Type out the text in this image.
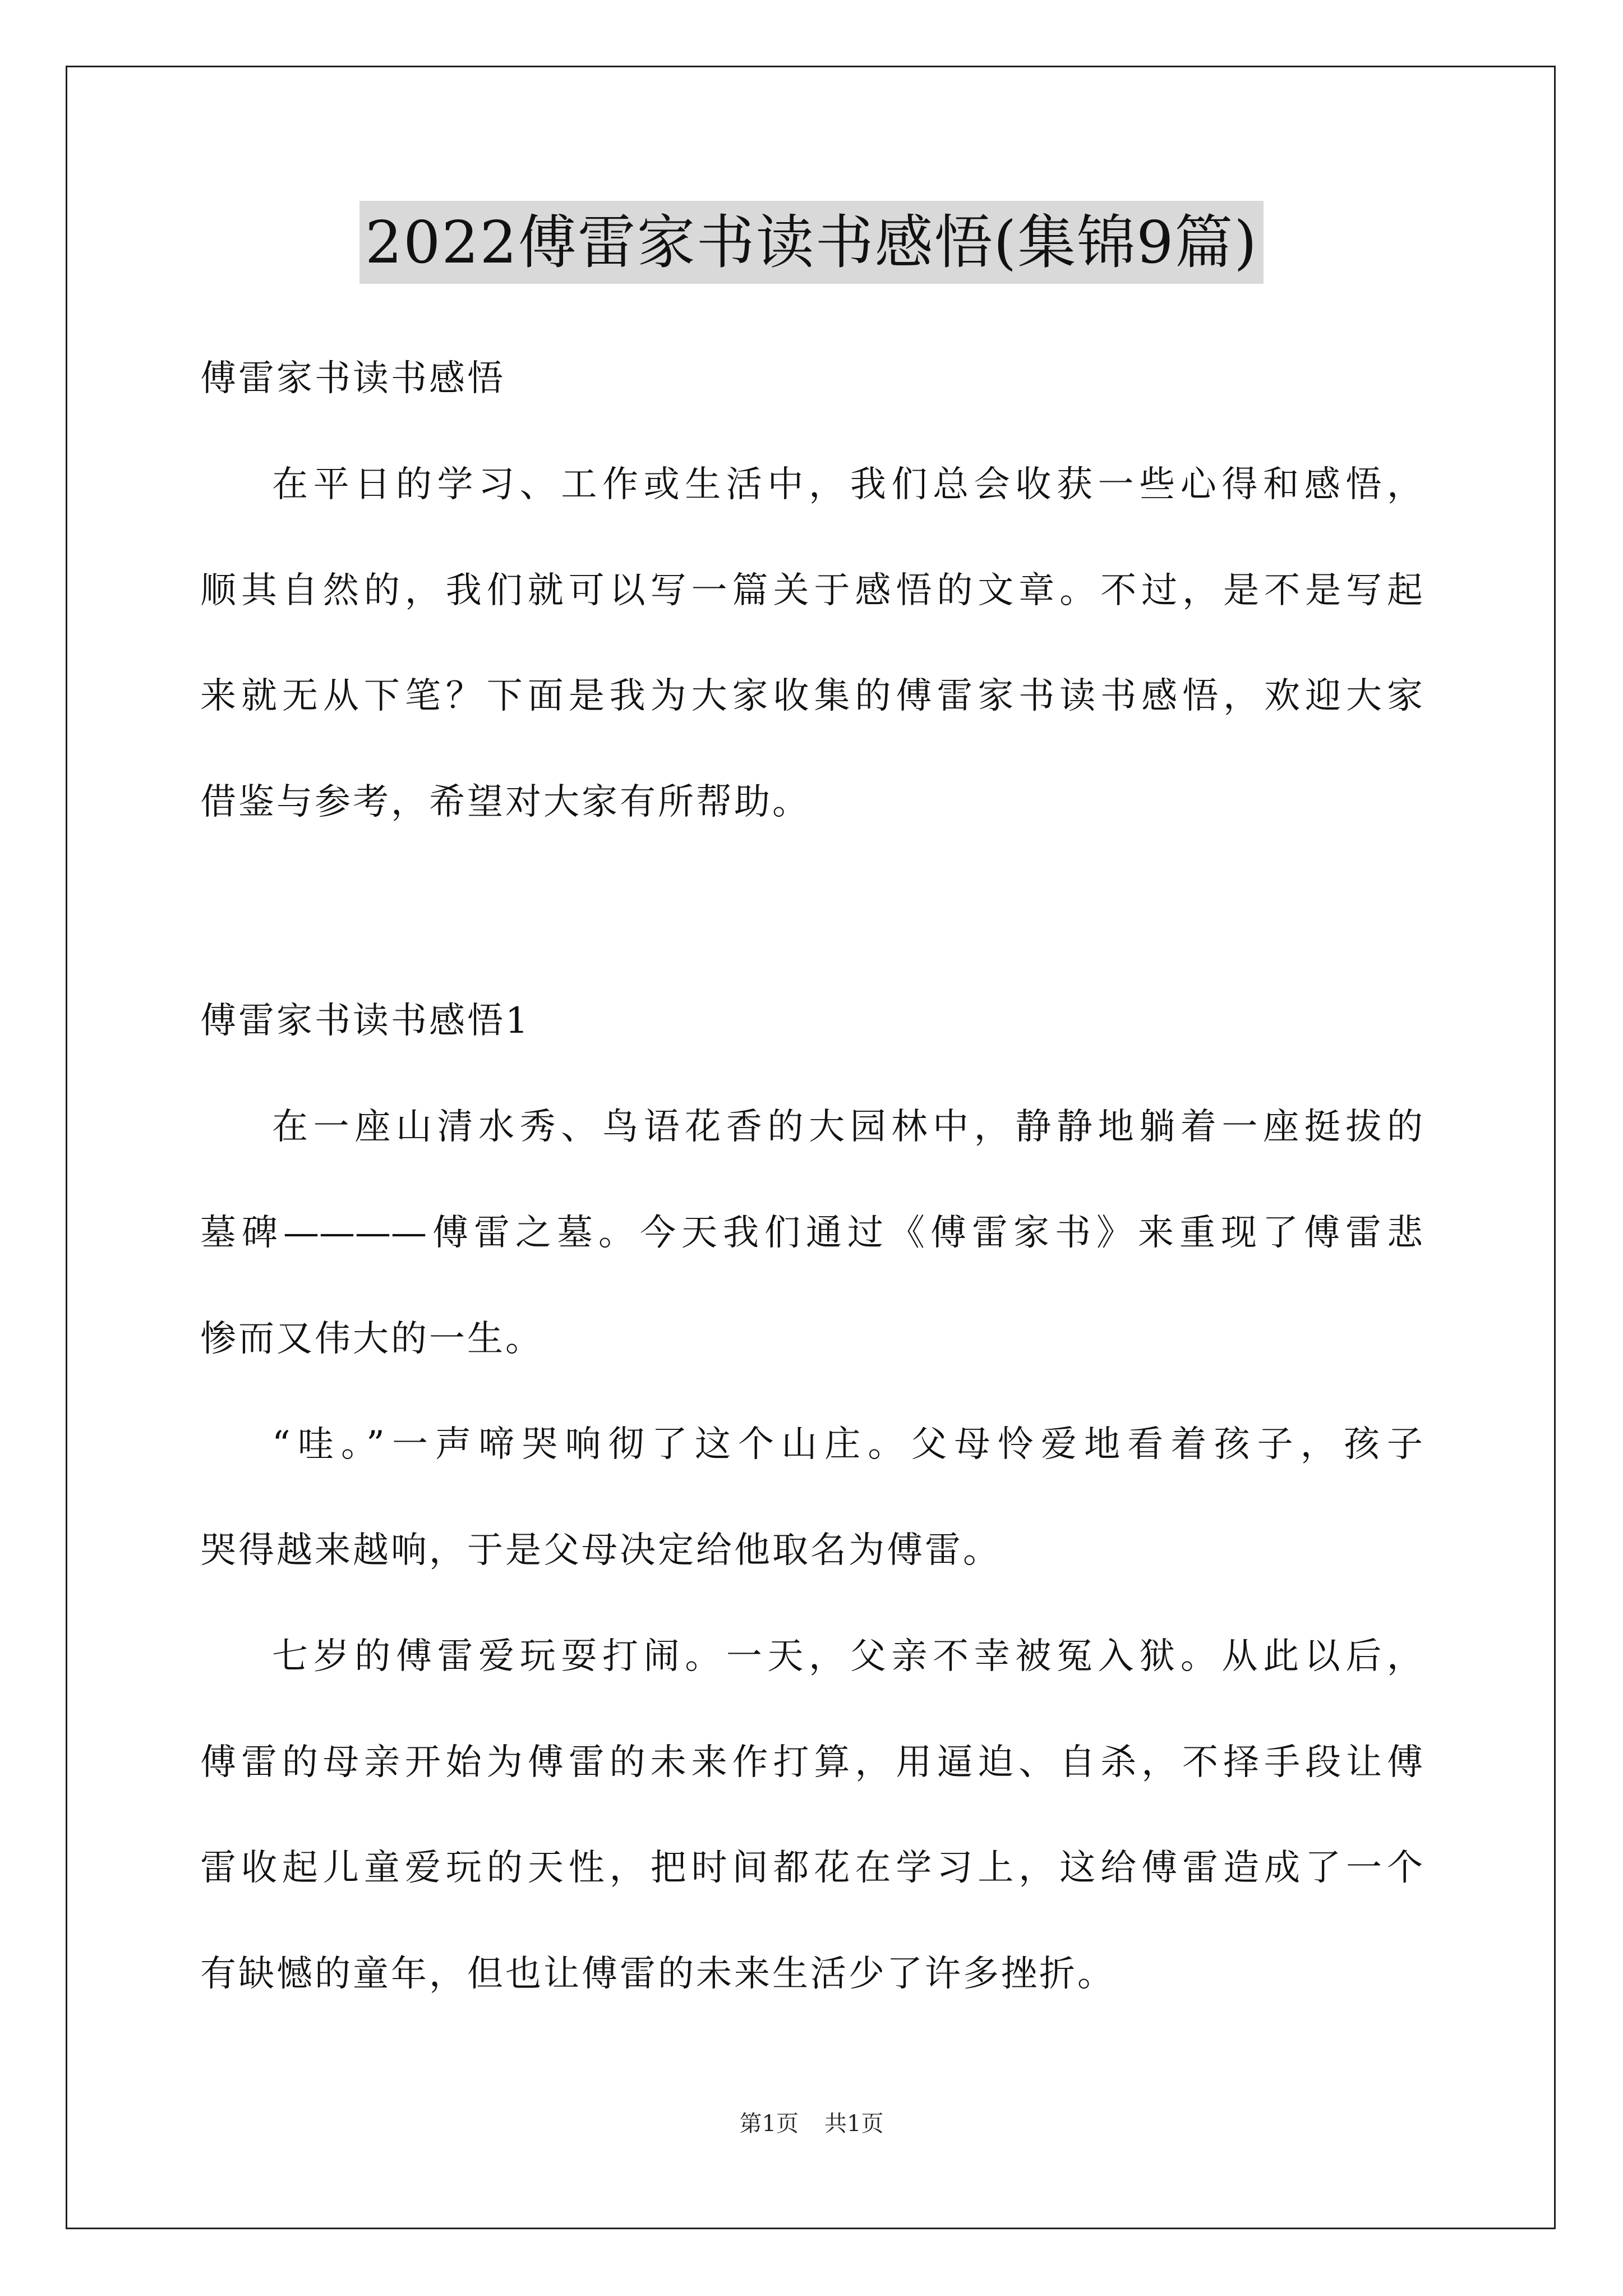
2022傅雷家书读书感悟(集锦9篇)
傅雷家书读书感悟
在平日的学习、工作或生活中，我们总会收获一些心得和感悟，
顺其自然的，我们就可以写一篇关于感悟的文章。不过，是不是写起
来就无从下笔？下面是我为大家收集的傅雷家书读书感悟，欢迎大家
借鉴与参考，希望对大家有所帮助。
傅雷家书读书感悟1
在一座山清水秀、鸟语花香的大园林中，静静地躺着一座挺拔的
墓碑————傅雷之墓。今天我们通过《傅雷家书》来重现了傅雷悲
惨而又伟大的一生。
“哇。”一声啼哭响彻了这个山庄。父母怜爱地看着孩子，孩子
哭得越来越响，于是父母决定给他取名为傅雷。
七岁的傅雷爱玩耍打闹。一天，父亲不幸被冤入狱。从此以后，
傅雷的母亲开始为傅雷的未来作打算，用逼迫、自杀，不择手段让傅
雷收起儿童爱玩的天性，把时间都花在学习上，这给傅雷造成了一个
有缺憾的童年，但也让傅雷的未来生活少了许多挫折。
第1页 共1页
